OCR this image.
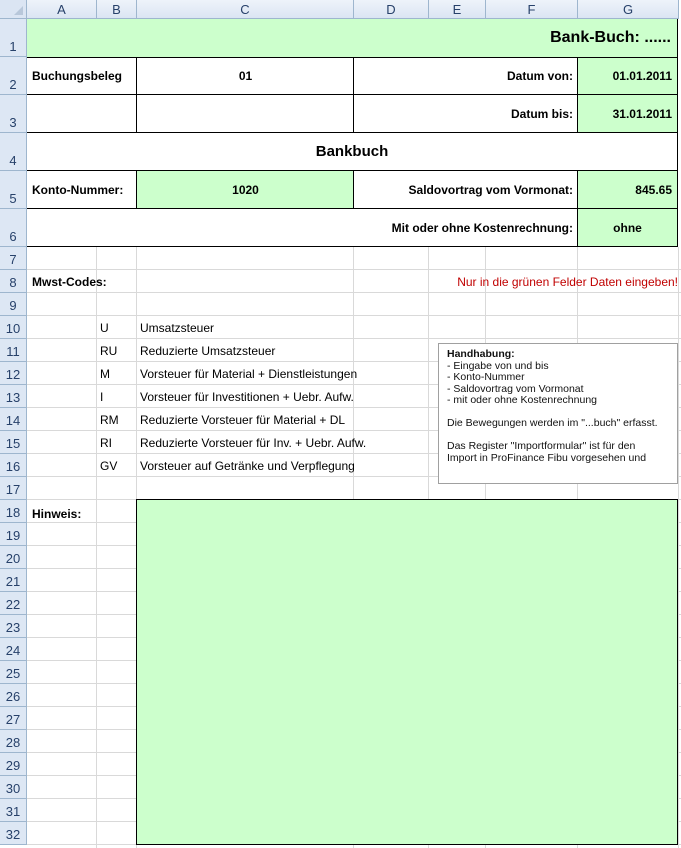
A	B	C	D	E	F	G
1
2
3
4
5
6
7
8
9
10
11
12
13
14
15
16
17
18
19
20
21
22
23
24
25
26
27
28
29
30
31
32
Bank-Buch: ......
Buchungsbeleg	01	Datum von:	01.01.2011
Datum bis:	31.01.2011
Bankbuch
Konto-Nummer:	1020	Saldovortrag vom Vormonat:	845.65
Mit oder ohne Kostenrechnung:	ohne
Mwst-Codes:	Nur in die grünen Felder Daten eingeben!
U	Umsatzsteuer
RU	Reduzierte Umsatzsteuer
M	Vorsteuer für Material + Dienstleistungen
I	Vorsteuer für Investitionen + Uebr. Aufw.
RM	Reduzierte Vorsteuer für Material + DL
RI	Reduzierte Vorsteuer für Inv. + Uebr. Aufw.
GV	Vorsteuer auf Getränke und Verpflegung
Handhabung:
- Eingabe von und bis
- Konto-Nummer
- Saldovortrag vom Vormonat
- mit oder ohne Kostenrechnung
Die Bewegungen werden im "...buch" erfasst.
Das Register "Importformular" ist für den
Import in ProFinance Fibu vorgesehen und
Hinweis:
